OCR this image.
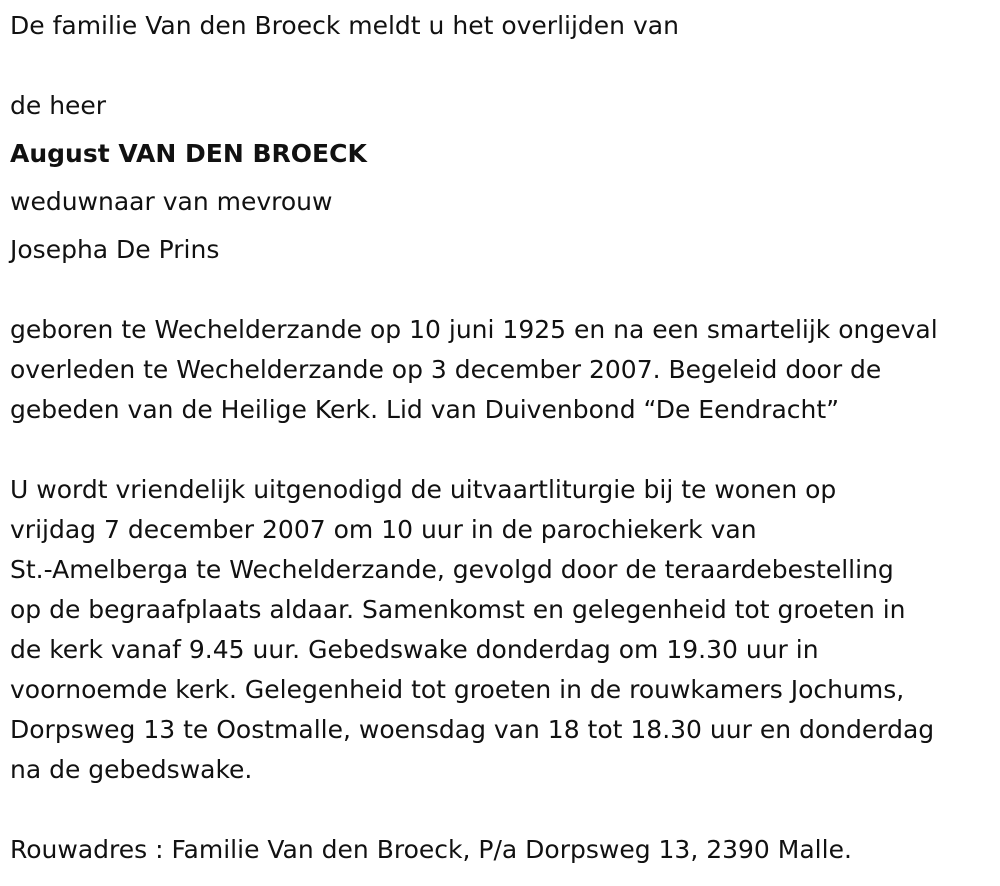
De familie Van den Broeck meldt u het overlijden van

de heer

August VAN DEN BROECK

weduwnaar van mevrouw

Josepha De Prins

geboren te Wechelderzande op 10 juni 1925 en na een smartelijk ongeval
overleden te Wechelderzande op 3 december 2007. Begeleid door de
gebeden van de Heilige Kerk. Lid van Duivenbond “De Eendracht”
U wordt vriendelijk uitgenodigd de uitvaartliturgie bij te wonen op
vrijdag 7 december 2007 om 10 uur in de parochiekerk van
St.-Amelberga te Wechelderzande, gevolgd door de teraardebestelling
op de begraafplaats aldaar. Samenkomst en gelegenheid tot groeten in
de kerk vanaf 9.45 uur. Gebedswake donderdag om 19.30 uur in
voornoemde kerk. Gelegenheid tot groeten in de rouwkamers Jochums,
Dorpsweg 13 te Oostmalle, woensdag van 18 tot 18.30 uur en donderdag
na de gebedswake.

Rouwadres : Familie Van den Broeck, P/a Dorpsweg 13, 2390 Malle.
